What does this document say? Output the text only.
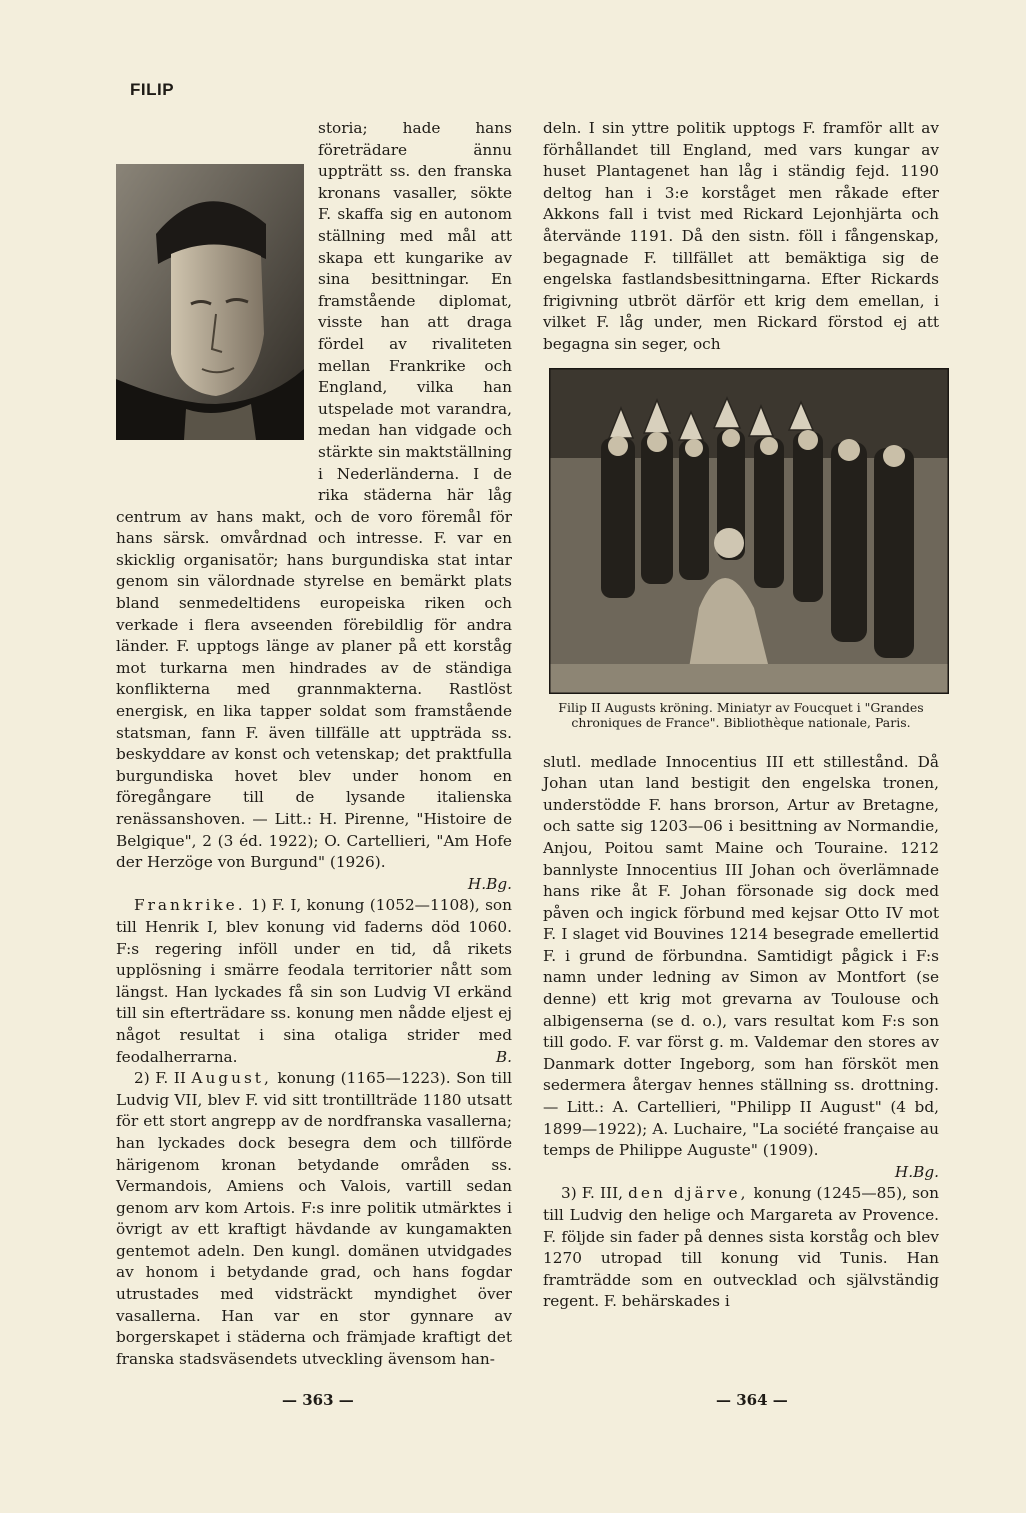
FILIP

storia; hade hans företrädare ännu uppträtt ss. den franska kronans vasaller, sökte F. skaffa sig en autonom ställning med mål att skapa ett kungarike av sina besittningar. En framstående diplomat, visste han att draga fördel av rivaliteten mellan Frankrike och England, vilka han utspelade mot varandra, medan han vidgade och stärkte sin maktställning i Nederländerna. I de rika städerna här låg centrum av hans makt, och de voro föremål för hans särsk. omvårdnad och intresse. F. var en skicklig organisatör; hans burgundiska stat intar genom sin välordnade styrelse en bemärkt plats bland senmedeltidens europeiska riken och verkade i flera avseenden förebildlig för andra länder. F. upptogs länge av planer på ett korståg mot turkarna men hindrades av de ständiga konflikterna med grannmakterna. Rastlöst energisk, en lika tapper soldat som framstående statsman, fann F. även tillfälle att uppträda ss. beskyddare av konst och vetenskap; det praktfulla burgundiska hovet blev under honom en föregångare till de lysande italienska renässanshoven. — Litt.: H. Pirenne, "Histoire de Belgique", 2 (3 éd. 1922); O. Cartellieri, "Am Hofe der Herzöge von Burgund" (1926).

H.Bg.

Frankrike. 1) F. I, konung (1052—1108), son till Henrik I, blev konung vid faderns död 1060. F:s regering inföll under en tid, då rikets upplösning i smärre feodala territorier nått som längst. Han lyckades få sin son Ludvig VI erkänd till sin efterträdare ss. konung men nådde eljest ej något resultat i sina otaliga strider med feodalherrarna.	B.

2) F. II August, konung (1165—1223). Son till Ludvig VII, blev F. vid sitt trontillträde 1180 utsatt för ett stort angrepp av de nordfranska vasallerna; han lyckades dock besegra dem och tillförde härigenom kronan betydande områden ss. Vermandois, Amiens och Valois, vartill sedan genom arv kom Artois. F:s inre politik utmärktes i övrigt av ett kraftigt hävdande av kungamakten gentemot adeln. Den kungl. domänen utvidgades av honom i betydande grad, och hans fogdar utrustades med vidsträckt myndighet över vasallerna. Han var en stor gynnare av borgerskapet i städerna och främjade kraftigt det franska stadsväsendets utveckling ävensom han-

deln. I sin yttre politik upptogs F. framför allt av förhållandet till England, med vars kungar av huset Plantagenet han låg i ständig fejd. 1190 deltog han i 3:e korståget men råkade efter Akkons fall i tvist med Rickard Lejonhjärta och återvände 1191. Då den sistn. föll i fångenskap, begagnade F. tillfället att bemäktiga sig de engelska fastlandsbesittningarna. Efter Rickards frigivning utbröt därför ett krig dem emellan, i vilket F. låg under, men Rickard förstod ej att begagna sin seger, och

Filip II Augusts kröning. Miniatyr av Foucquet i "Grandes chroniques de France". Bibliothèque nationale, Paris.

slutl. medlade Innocentius III ett stillestånd. Då Johan utan land bestigit den engelska tronen, understödde F. hans brorson, Artur av Bretagne, och satte sig 1203—06 i besittning av Normandie, Anjou, Poitou samt Maine och Touraine. 1212 bannlyste Innocentius III Johan och överlämnade hans rike åt F. Johan försonade sig dock med påven och ingick förbund med kejsar Otto IV mot F. I slaget vid Bouvines 1214 besegrade emellertid F. i grund de förbundna. Samtidigt pågick i F:s namn under ledning av Simon av Montfort (se denne) ett krig mot grevarna av Toulouse och albigenserna (se d. o.), vars resultat kom F:s son till godo. F. var först g. m. Valdemar den stores av Danmark dotter Ingeborg, som han försköt men sedermera återgav hennes ställning ss. drottning. — Litt.: A. Cartellieri, "Philipp II August" (4 bd, 1899—1922); A. Luchaire, "La société française au temps de Philippe Auguste" (1909).

H.Bg.

3) F. III, den djärve, konung (1245—85), son till Ludvig den helige och Margareta av Provence. F. följde sin fader på dennes sista korståg och blev 1270 utropad till konung vid Tunis. Han framträdde som en outvecklad och självständig regent. F. behärskades i

— 363 —	— 364 —
